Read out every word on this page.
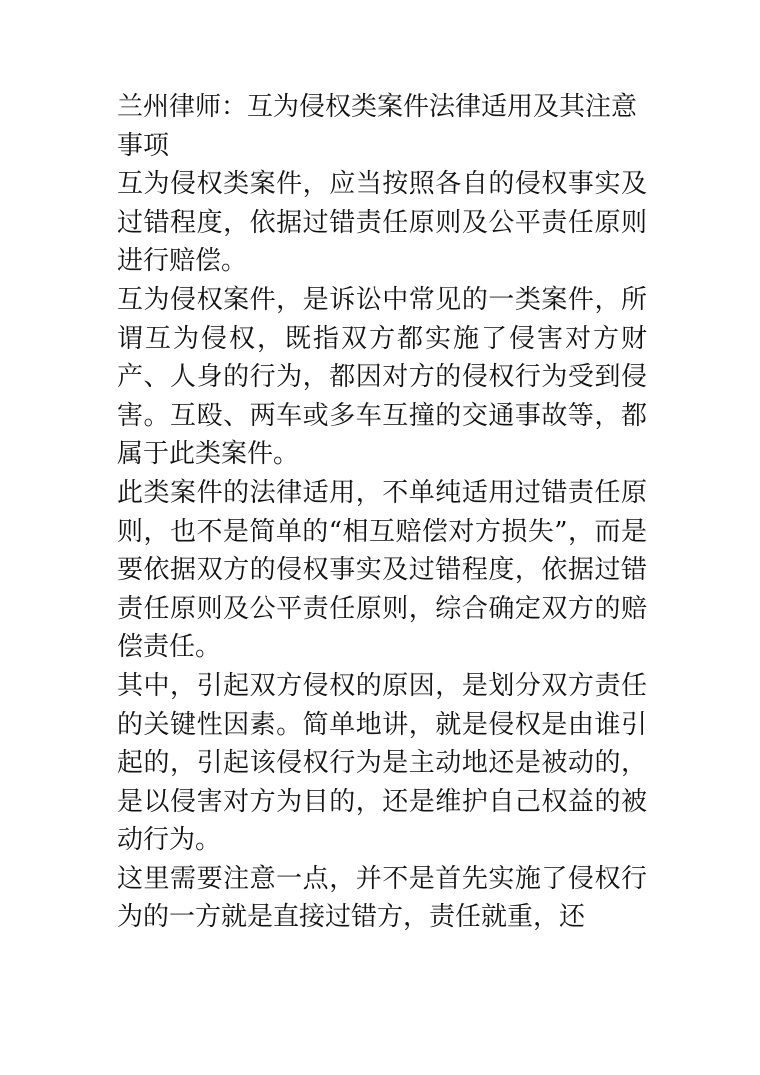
兰州律师：互为侵权类案件法律适用及其注意事项

互为侵权类案件，应当按照各自的侵权事实及过错程度，依据过错责任原则及公平责任原则进行赔偿。

互为侵权案件，是诉讼中常见的一类案件，所谓互为侵权，既指双方都实施了侵害对方财产、人身的行为，都因对方的侵权行为受到侵害。互殴、两车或多车互撞的交通事故等，都属于此类案件。

此类案件的法律适用，不单纯适用过错责任原则，也不是简单的“相互赔偿对方损失”，而是要依据双方的侵权事实及过错程度，依据过错责任原则及公平责任原则，综合确定双方的赔偿责任。

其中，引起双方侵权的原因，是划分双方责任的关键性因素。简单地讲，就是侵权是由谁引起的，引起该侵权行为是主动地还是被动的，是以侵害对方为目的，还是维护自己权益的被动行为。

这里需要注意一点，并不是首先实施了侵权行为的一方就是直接过错方，责任就重，还
